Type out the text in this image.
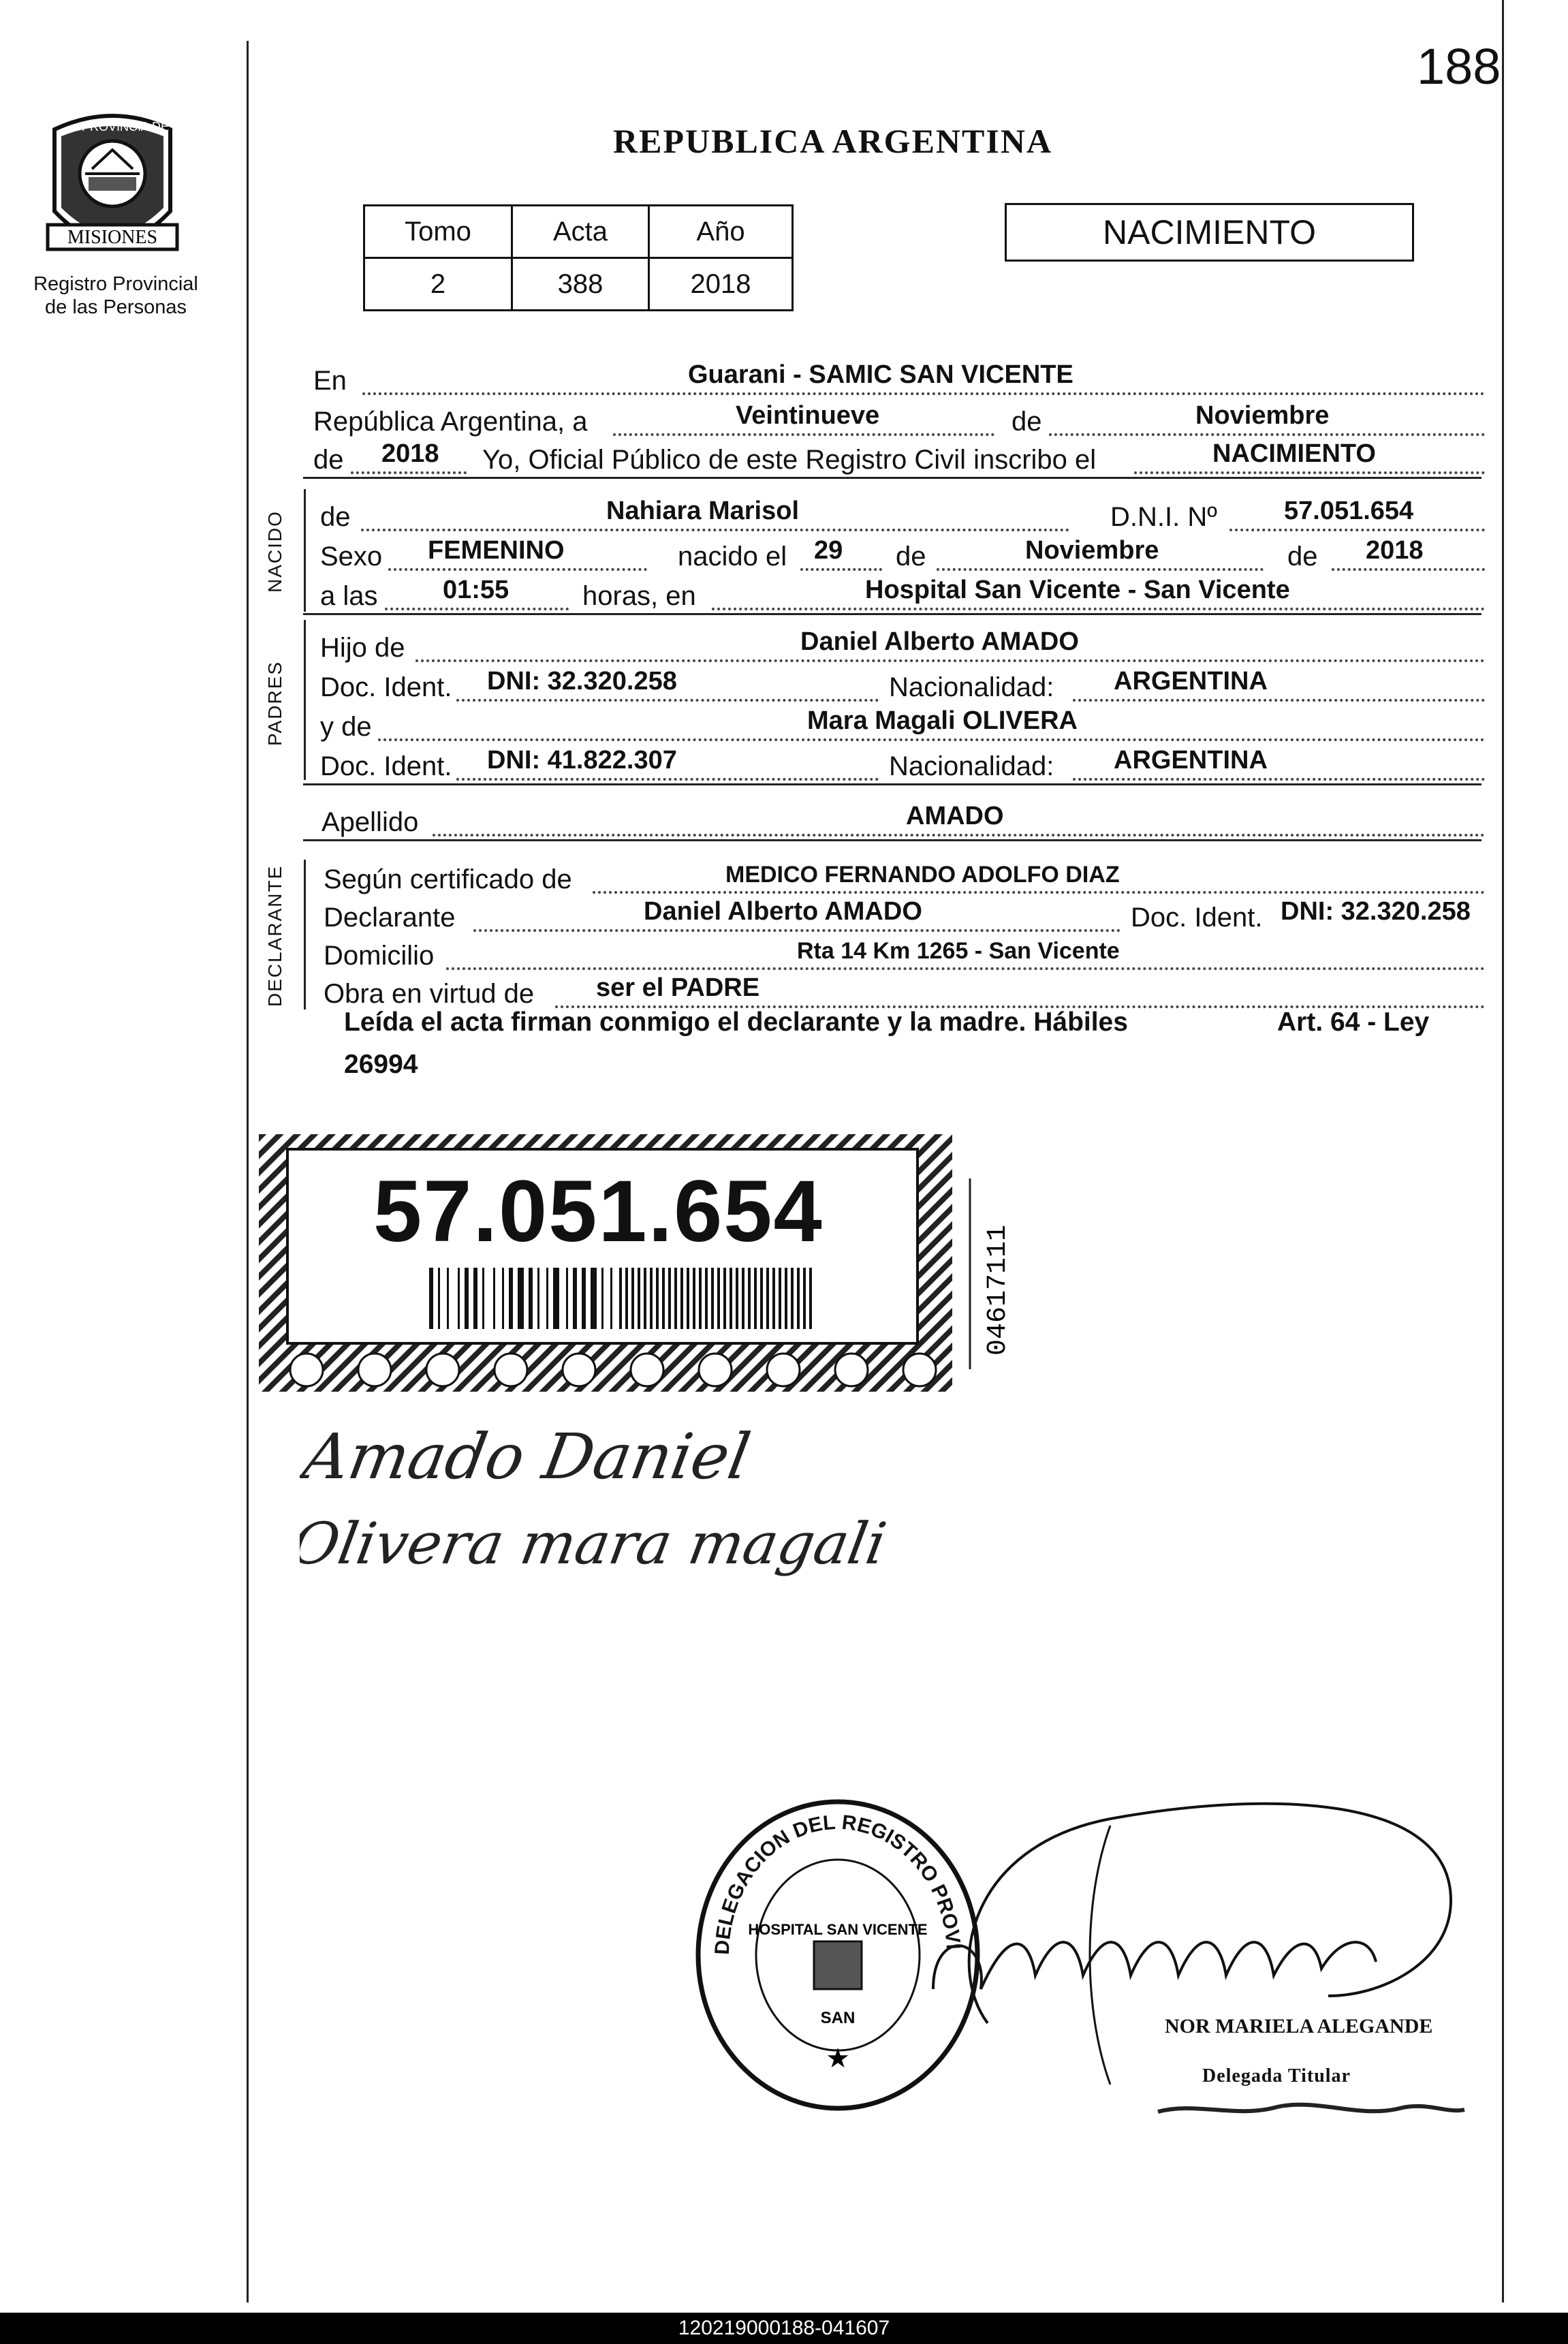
188
PROVINCIA DE
MISIONES
Registro Provincial
de las Personas
REPUBLICA ARGENTINA
Tomo	Acta	Año
2	388	2018
NACIMIENTO
En	Guarani - SAMIC SAN VICENTE
República Argentina, a	Veintinueve	de	Noviembre
de 2018 Yo, Oficial Público de este Registro Civil inscribo el	NACIMIENTO
NACIDO de	Nahiara Marisol	D.N.I. Nº	57.051.654
Sexo FEMENINO	nacido el 29 de	Noviembre	de 2018
a las	01:55	horas, en	Hospital San Vicente - San Vicente
PADRES
Hijo de	Daniel Alberto AMADO
Doc. Ident. DNI: 32.320.258	Nacionalidad: ARGENTINA
y de	Mara Magali OLIVERA
Doc. Ident. DNI: 41.822.307	Nacionalidad: ARGENTINA
Apellido	AMADO
DECLARANTE Según certificado de	MEDICO FERNANDO ADOLFO DIAZ
Declarante	Daniel Alberto AMADO	Doc. Ident. DNI: 32.320.258
Domicilio	Rta 14 Km 1265 - San Vicente
Obra en virtud de ser el PADRE
Leída el acta firman conmigo el declarante y la madre. Hábiles	Art. 64 - Ley

26994
57.051.654
04617111
Amado Daniel
Olivera mara magali
DELEGACION DEL REGISTRO PROVI
HOSPITAL SAN VICENTE
SAN
★
NOR MARIELA ALEGANDE
Delegada Titular
120219000188-041607
